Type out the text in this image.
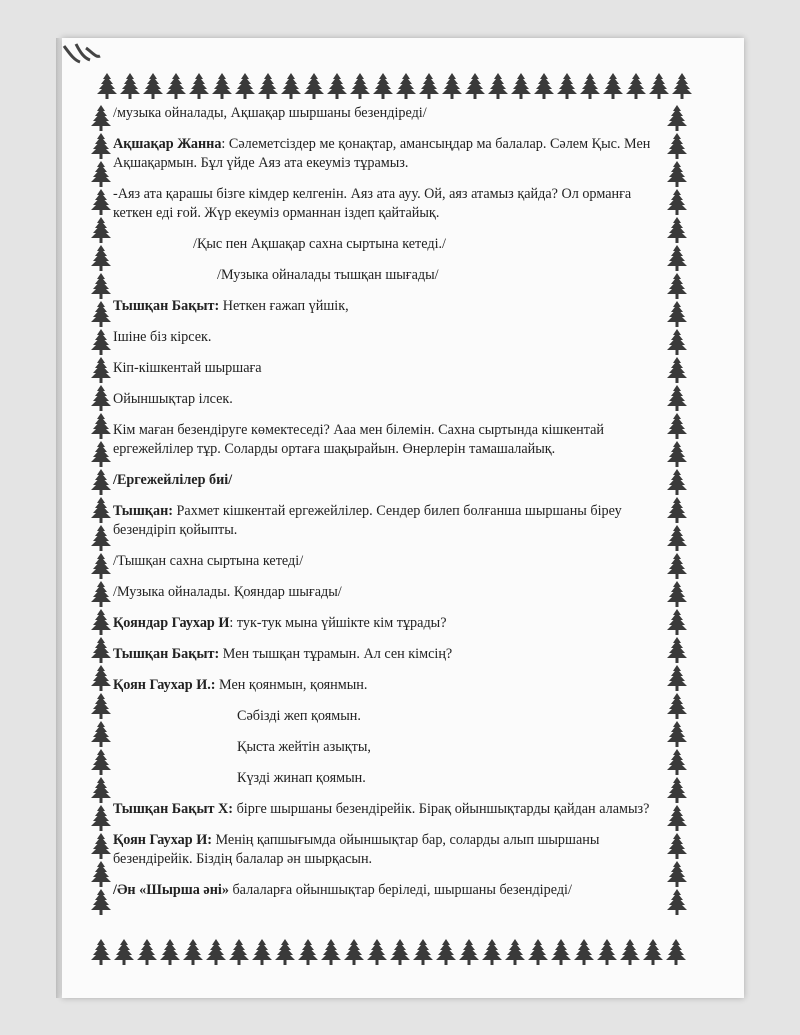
/музыка ойналады, Ақшақар шыршаны безендіреді/
Ақшақар Жанна: Сәлеметсіздер ме қонақтар, амансыңдар ма балалар. Сәлем Қыс. Мен Ақшақармын. Бұл үйде Аяз ата екеуміз тұрамыз.
-Аяз ата қарашы бізге кімдер келгенін. Аяз ата ауу. Ой, аяз атамыз қайда? Ол орманға кеткен еді ғой. Жүр екеуміз орманнан іздеп қайтайық.
/Қыс пен Ақшақар сахна сыртына кетеді./
/Музыка ойналады тышқан шығады/
Тышқан Бақыт: Неткен ғажап үйшік,
Ішіне біз кірсек.
Кіп-кішкентай шыршаға
Ойыншықтар ілсек.
Кім маған безендіруге көмектеседі? Ааа мен білемін. Сахна сыртында кішкентай ергежейлілер тұр. Соларды ортаға шақырайын. Өнерлерін тамашалайық.
/Ергежейлілер биі/
Тышқан: Рахмет кішкентай ергежейлілер. Сендер билеп болғанша шыршаны біреу безендіріп қойыпты.
/Тышқан сахна сыртына кетеді/
/Музыка ойналады. Қояндар шығады/
Қояндар Гаухар И: тук-тук мына үйшікте кім тұрады?
Тышқан Бақыт: Мен тышқан тұрамын. Ал сен кімсің?
Қоян Гаухар И.: Мен қоянмын, қоянмын.
Сәбізді жеп қоямын.
Қыста жейтін азықты,
Күзді жинап қоямын.
Тышқан Бақыт Х: бірге шыршаны безендірейік. Бірақ ойыншықтарды қайдан аламыз?
Қоян Гаухар И: Менің қапшығымда ойыншықтар бар, соларды алып шыршаны безендірейік. Біздің балалар ән шырқасын.
/Ән «Шырша әні» балаларға ойыншықтар беріледі, шыршаны безендіреді/
